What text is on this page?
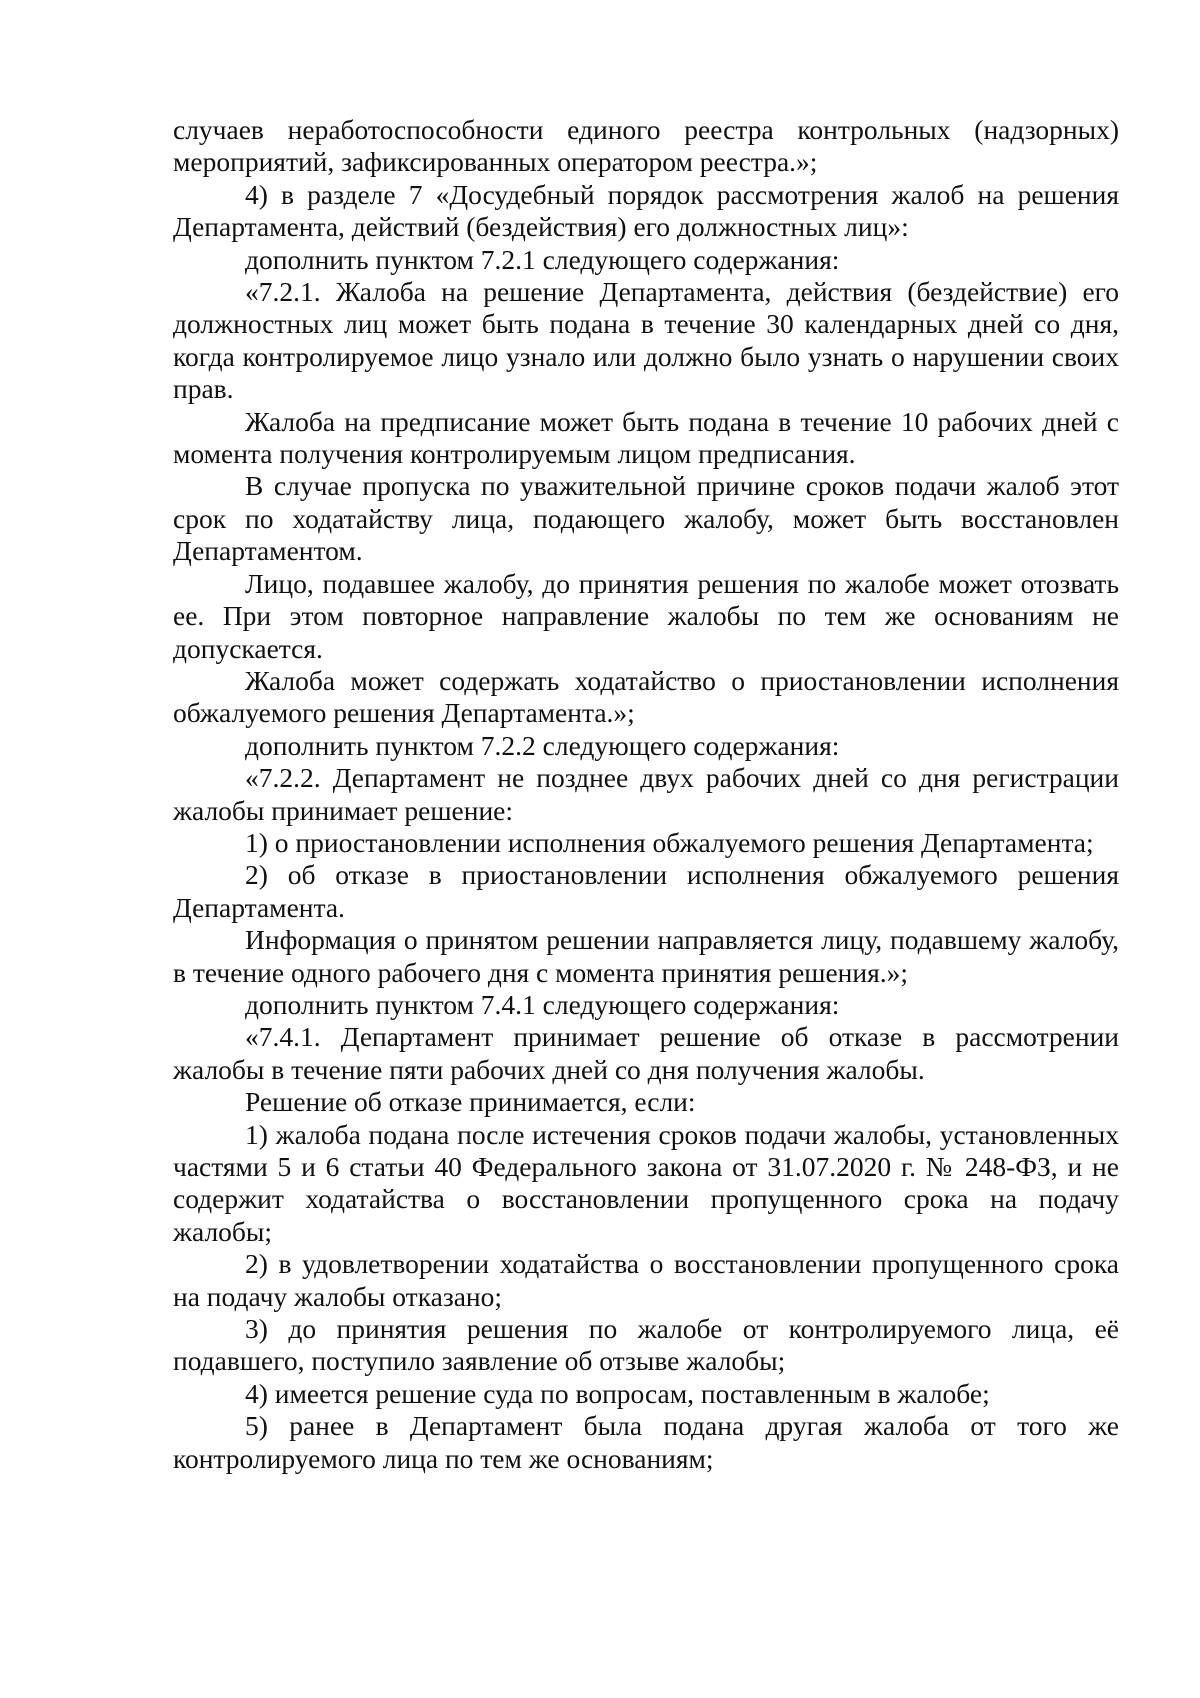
случаев неработоспособности единого реестра контрольных (надзорных) мероприятий, зафиксированных оператором реестра.»;

4) в разделе 7 «Досудебный порядок рассмотрения жалоб на решения Департамента, действий (бездействия) его должностных лиц»:

дополнить пунктом 7.2.1 следующего содержания:

«7.2.1. Жалоба на решение Департамента, действия (бездействие) его должностных лиц может быть подана в течение 30 календарных дней со дня, когда контролируемое лицо узнало или должно было узнать о нарушении своих прав.

Жалоба на предписание может быть подана в течение 10 рабочих дней с момента получения контролируемым лицом предписания.

В случае пропуска по уважительной причине сроков подачи жалоб этот срок по ходатайству лица, подающего жалобу, может быть восстановлен Департаментом.

Лицо, подавшее жалобу, до принятия решения по жалобе может отозвать ее. При этом повторное направление жалобы по тем же основаниям не допускается.

Жалоба может содержать ходатайство о приостановлении исполнения обжалуемого решения Департамента.»;

дополнить пунктом 7.2.2 следующего содержания:

«7.2.2. Департамент не позднее двух рабочих дней со дня регистрации жалобы принимает решение:

1) о приостановлении исполнения обжалуемого решения Департамента;

2) об отказе в приостановлении исполнения обжалуемого решения Департамента.

Информация о принятом решении направляется лицу, подавшему жалобу, в течение одного рабочего дня с момента принятия решения.»;

дополнить пунктом 7.4.1 следующего содержания:

«7.4.1. Департамент принимает решение об отказе в рассмотрении жалобы в течение пяти рабочих дней со дня получения жалобы.

Решение об отказе принимается, если:

1) жалоба подана после истечения сроков подачи жалобы, установленных частями 5 и 6 статьи 40 Федерального закона от 31.07.2020 г. № 248-ФЗ, и не содержит ходатайства о восстановлении пропущенного срока на подачу жалобы;

2) в удовлетворении ходатайства о восстановлении пропущенного срока на подачу жалобы отказано;

3) до принятия решения по жалобе от контролируемого лица, её подавшего, поступило заявление об отзыве жалобы;

4) имеется решение суда по вопросам, поставленным в жалобе;

5) ранее в Департамент была подана другая жалоба от того же контролируемого лица по тем же основаниям;
